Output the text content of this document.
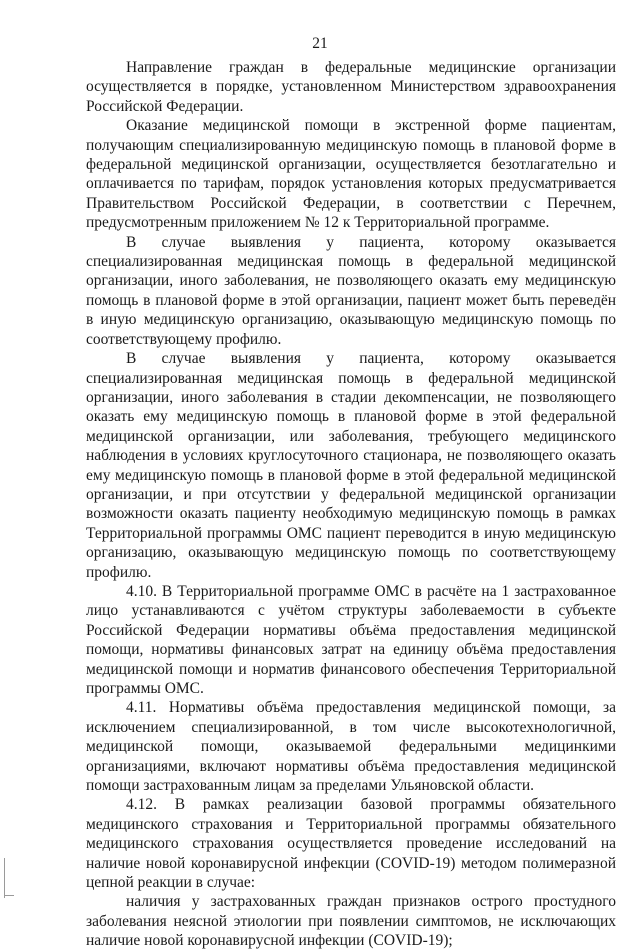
21

Направление граждан в федеральные медицинские организации осуществляется в порядке, установленном Министерством здравоохранения Российской Федерации.

Оказание медицинской помощи в экстренной форме пациентам, получающим специализированную медицинскую помощь в плановой форме в федеральной медицинской организации, осуществляется безотлагательно и оплачивается по тарифам, порядок установления которых предусматривается Правительством Российской Федерации, в соответствии с Перечнем, предусмотренным приложением № 12 к Территориальной программе.

В случае выявления у пациента, которому оказывается специализированная медицинская помощь в федеральной медицинской организации, иного заболевания, не позволяющего оказать ему медицинскую помощь в плановой форме в этой организации, пациент может быть переведён в иную медицинскую организацию, оказывающую медицинскую помощь по соответствующему профилю.

В случае выявления у пациента, которому оказывается специализированная медицинская помощь в федеральной медицинской организации, иного заболевания в стадии декомпенсации, не позволяющего оказать ему медицинскую помощь в плановой форме в этой федеральной медицинской организации, или заболевания, требующего медицинского наблюдения в условиях круглосуточного стационара, не позволяющего оказать ему медицинскую помощь в плановой форме в этой федеральной медицинской организации, и при отсутствии у федеральной медицинской организации возможности оказать пациенту необходимую медицинскую помощь в рамках Территориальной программы ОМС пациент переводится в иную медицинскую организацию, оказывающую медицинскую помощь по соответствующему профилю.

4.10. В Территориальной программе ОМС в расчёте на 1 застрахованное лицо устанавливаются с учётом структуры заболеваемости в субъекте Российской Федерации нормативы объёма предоставления медицинской помощи, нормативы финансовых затрат на единицу объёма предоставления медицинской помощи и норматив финансового обеспечения Территориальной программы ОМС.

4.11. Нормативы объёма предоставления медицинской помощи, за исключением специализированной, в том числе высокотехнологичной, медицинской помощи, оказываемой федеральными медицинкими организациями, включают нормативы объёма предоставления медицинской помощи застрахованным лицам за пределами Ульяновской области.

4.12. В рамках реализации базовой программы обязательного медицинского страхования и Территориальной программы обязательного медицинского страхования осуществляется проведение исследований на наличие новой коронавирусной инфекции (COVID-19) методом полимеразной цепной реакции в случае:

наличия у застрахованных граждан признаков острого простудного заболевания неясной этиологии при появлении симптомов, не исключающих наличие новой коронавирусной инфекции (COVID-19);
